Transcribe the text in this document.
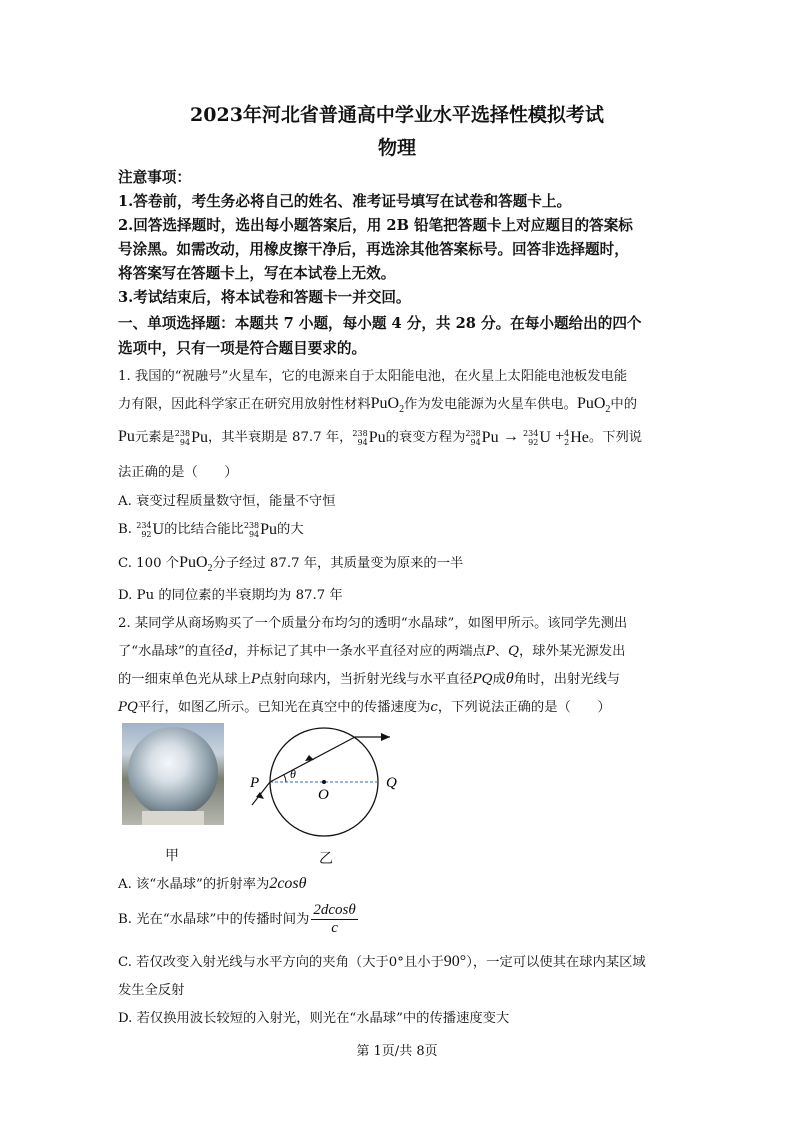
2023年河北省普通高中学业水平选择性模拟考试
物理
注意事项：
1.答卷前，考生务必将自己的姓名、准考证号填写在试卷和答题卡上。
2.回答选择题时，选出每小题答案后，用 2B 铅笔把答题卡上对应题目的答案标
号涂黑。如需改动，用橡皮擦干净后，再选涂其他答案标号。回答非选择题时，
将答案写在答题卡上，写在本试卷上无效。
3.考试结束后，将本试卷和答题卡一并交回。
一、单项选择题：本题共 7 小题，每小题 4 分，共 28 分。在每小题给出的四个
选项中，只有一项是符合题目要求的。
1. 我国的“祝融号”火星车，它的电源来自于太阳能电池，在火星上太阳能电池板发电能
力有限，因此科学家正在研究用放射性材料PuO$_2$作为发电能源为火星车供电。PuO$_2$中的
Pu元素是 238
94 Pu ，其半衰期是 87.7 年， 238
94 Pu 的衰变方程为 238
94 Pu → 234
92 U + 4
2 He 。下列说
法正确的是（　　）
A. 衰变过程质量数守恒，能量不守恒
B. 234
92 U 的比结合能比 238
94 Pu 的大
C. 100 个PuO$_2$分子经过 87.7 年，其质量变为原来的一半
D. Pu 的同位素的半衰期均为 87.7 年
2. 某同学从商场购买了一个质量分布均匀的透明“水晶球”，如图甲所示。该同学先测出
了“水晶球”的直径d，并标记了其中一条水平直径对应的两端点P、Q，球外某光源发出
的一细束单色光从球上P点射向球内，当折射光线与水平直径PQ成θ角时，出射光线与
PQ平行，如图乙所示。已知光在真空中的传播速度为c，下列说法正确的是（　　）
甲
P
O
Q
θ
乙
A. 该“水晶球”的折射率为2cosθ
B. 光在“水晶球”中的传播时间为 $\frac{2dcos\theta}{c}$
C. 若仅改变入射光线与水平方向的夹角（大于0°且小于90°），一定可以使其在球内某区域
发生全反射
D. 若仅换用波长较短的入射光，则光在“水晶球”中的传播速度变大
第 1页/共 8页
